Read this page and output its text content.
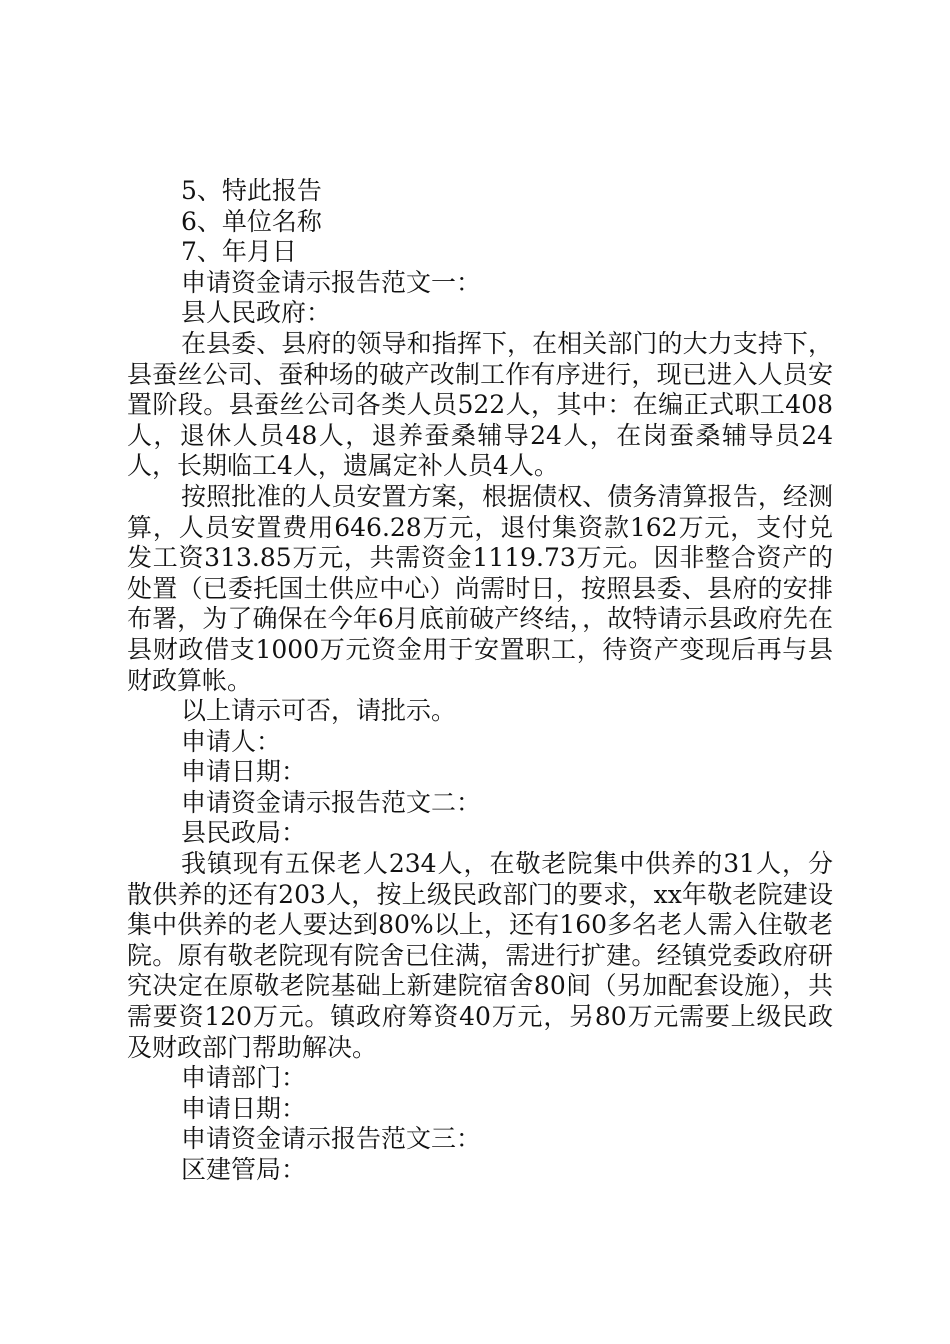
5、特此报告

6、单位名称

7、年月日

申请资金请示报告范文一：

县人民政府：

在县委、县府的领导和指挥下，在相关部门的大力支持下，县蚕丝公司、蚕种场的破产改制工作有序进行，现已进入人员安置阶段。县蚕丝公司各类人员522人，其中：在编正式职工408人，退休人员48人，退养蚕桑辅导24人，在岗蚕桑辅导员24人，长期临工4人，遗属定补人员4人。

按照批准的人员安置方案，根据债权、债务清算报告，经测算，人员安置费用646.28万元，退付集资款162万元，支付兑发工资313.85万元，共需资金1119.73万元。因非整合资产的处置（已委托国土供应中心）尚需时日，按照县委、县府的安排布署，为了确保在今年6月底前破产终结，，故特请示县政府先在县财政借支1000万元资金用于安置职工，待资产变现后再与县财政算帐。

以上请示可否，请批示。

申请人：

申请日期：

申请资金请示报告范文二：

县民政局：

我镇现有五保老人234人，在敬老院集中供养的31人，分散供养的还有203人，按上级民政部门的要求，xx年敬老院建设集中供养的老人要达到80%以上，还有160多名老人需入住敬老院。原有敬老院现有院舍已住满，需进行扩建。经镇党委政府研究决定在原敬老院基础上新建院宿舍80间（另加配套设施），共需要资120万元。镇政府筹资40万元，另80万元需要上级民政及财政部门帮助解决。

申请部门：

申请日期：

申请资金请示报告范文三：

区建管局：
